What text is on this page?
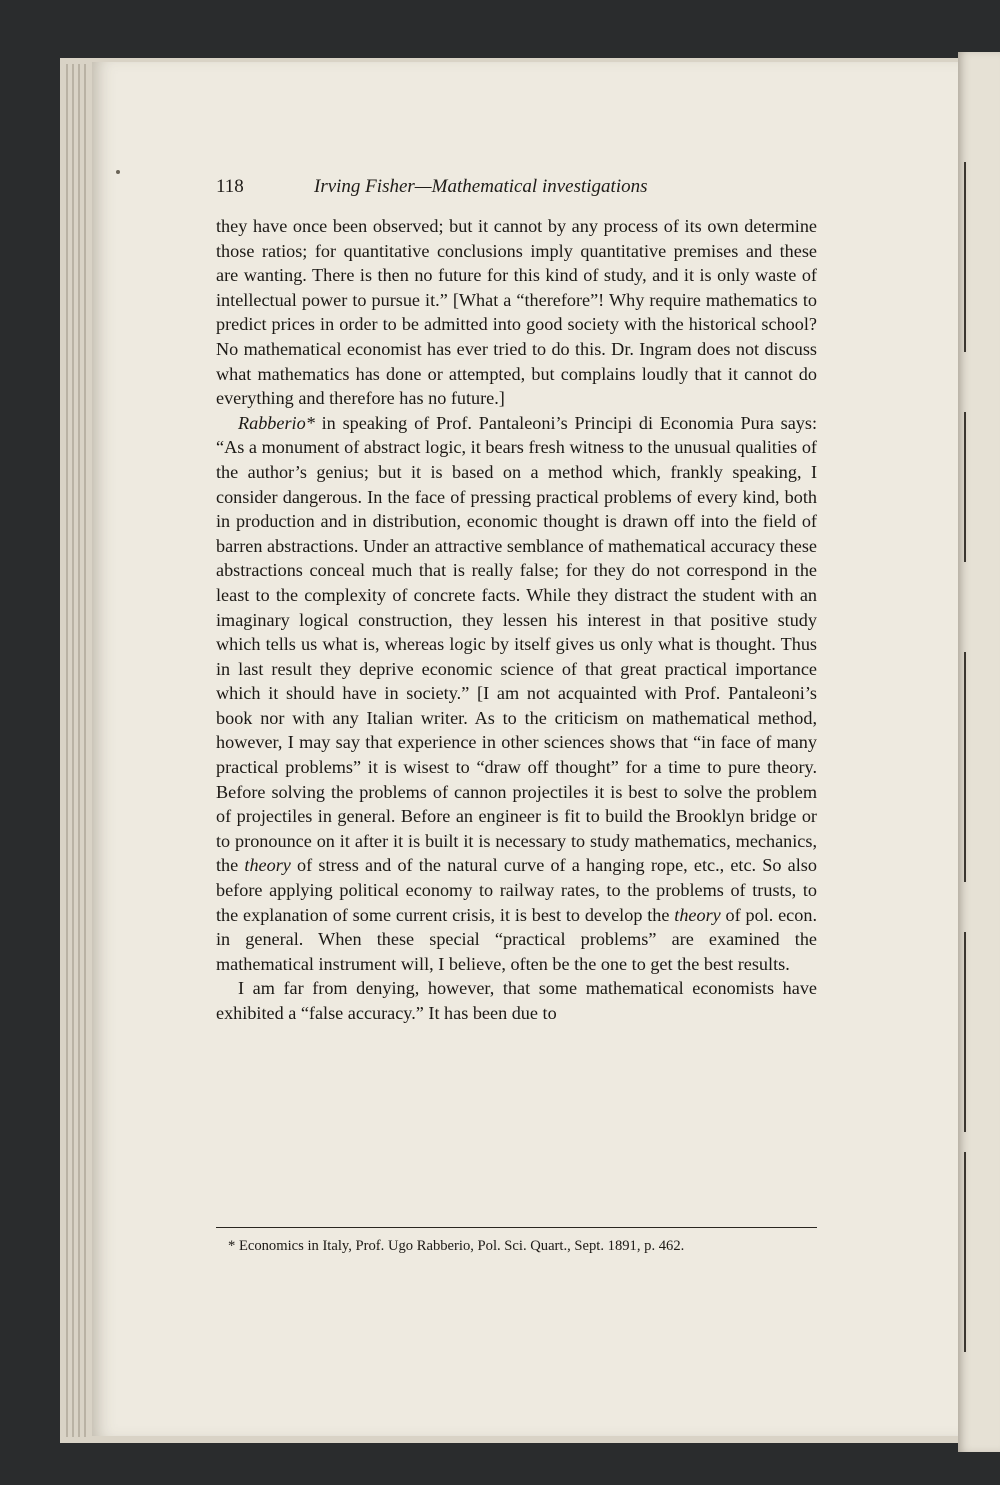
118	Irving Fisher—Mathematical investigations

they have once been observed; but it cannot by any process of its own determine those ratios; for quantitative conclusions imply quantitative premises and these are wanting. There is then no future for this kind of study, and it is only waste of intellectual power to pursue it.” [What a “therefore”! Why require mathematics to predict prices in order to be admitted into good society with the historical school? No mathematical economist has ever tried to do this. Dr. Ingram does not discuss what mathematics has done or attempted, but complains loudly that it cannot do everything and therefore has no future.]

Rabberio* in speaking of Prof. Pantaleoni’s Principi di Economia Pura says: “As a monument of abstract logic, it bears fresh witness to the unusual qualities of the author’s genius; but it is based on a method which, frankly speaking, I consider dangerous. In the face of pressing practical problems of every kind, both in production and in distribution, economic thought is drawn off into the field of barren abstractions. Under an attractive semblance of mathematical accuracy these abstractions conceal much that is really false; for they do not correspond in the least to the complexity of concrete facts. While they distract the student with an imaginary logical construction, they lessen his interest in that positive study which tells us what is, whereas logic by itself gives us only what is thought. Thus in last result they deprive economic science of that great practical importance which it should have in society.” [I am not acquainted with Prof. Pantaleoni’s book nor with any Italian writer. As to the criticism on mathematical method, however, I may say that experience in other sciences shows that “in face of many practical problems” it is wisest to “draw off thought” for a time to pure theory. Before solving the problems of cannon projectiles it is best to solve the problem of projectiles in general. Before an engineer is fit to build the Brooklyn bridge or to pronounce on it after it is built it is necessary to study mathematics, mechanics, the theory of stress and of the natural curve of a hanging rope, etc., etc. So also before applying political economy to railway rates, to the problems of trusts, to the explanation of some current crisis, it is best to develop the theory of pol. econ. in general. When these special “practical problems” are examined the mathematical instrument will, I believe, often be the one to get the best results.

I am far from denying, however, that some mathematical economists have exhibited a “false accuracy.” It has been due to

* Economics in Italy, Prof. Ugo Rabberio, Pol. Sci. Quart., Sept. 1891, p. 462.
